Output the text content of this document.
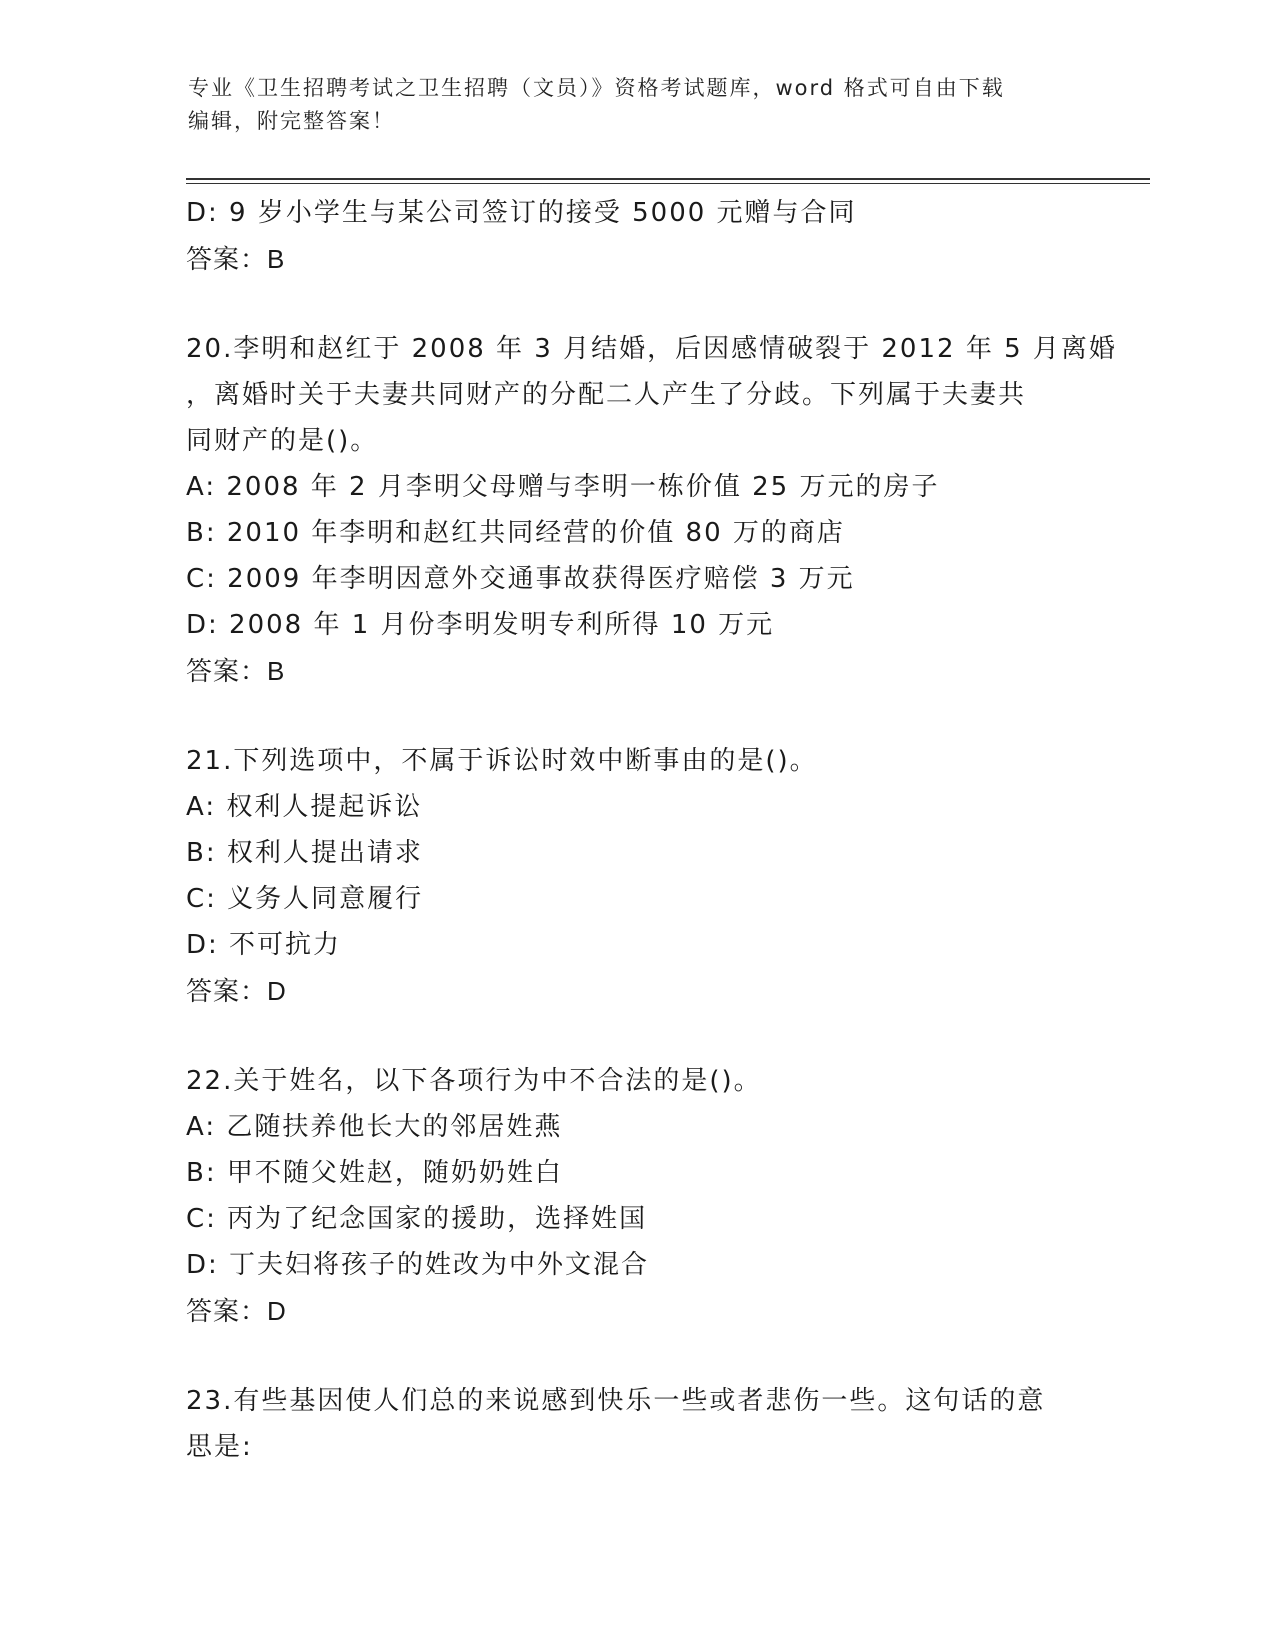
专业《卫生招聘考试之卫生招聘（文员）》资格考试题库，word 格式可自由下载
编辑，附完整答案！
D: 9 岁小学生与某公司签订的接受 5000 元赠与合同
答案：B
20.李明和赵红于 2008 年 3 月结婚，后因感情破裂于 2012 年 5 月离婚
，离婚时关于夫妻共同财产的分配二人产生了分歧。下列属于夫妻共
同财产的是()。
A: 2008 年 2 月李明父母赠与李明一栋价值 25 万元的房子
B: 2010 年李明和赵红共同经营的价值 80 万的商店
C: 2009 年李明因意外交通事故获得医疗赔偿 3 万元
D: 2008 年 1 月份李明发明专利所得 10 万元
答案：B
21.下列选项中，不属于诉讼时效中断事由的是()。
A: 权利人提起诉讼
B: 权利人提出请求
C: 义务人同意履行
D: 不可抗力
答案：D
22.关于姓名，以下各项行为中不合法的是()。
A: 乙随扶养他长大的邻居姓燕
B: 甲不随父姓赵，随奶奶姓白
C: 丙为了纪念国家的援助，选择姓国
D: 丁夫妇将孩子的姓改为中外文混合
答案：D
23.有些基因使人们总的来说感到快乐一些或者悲伤一些。这句话的意
思是:
